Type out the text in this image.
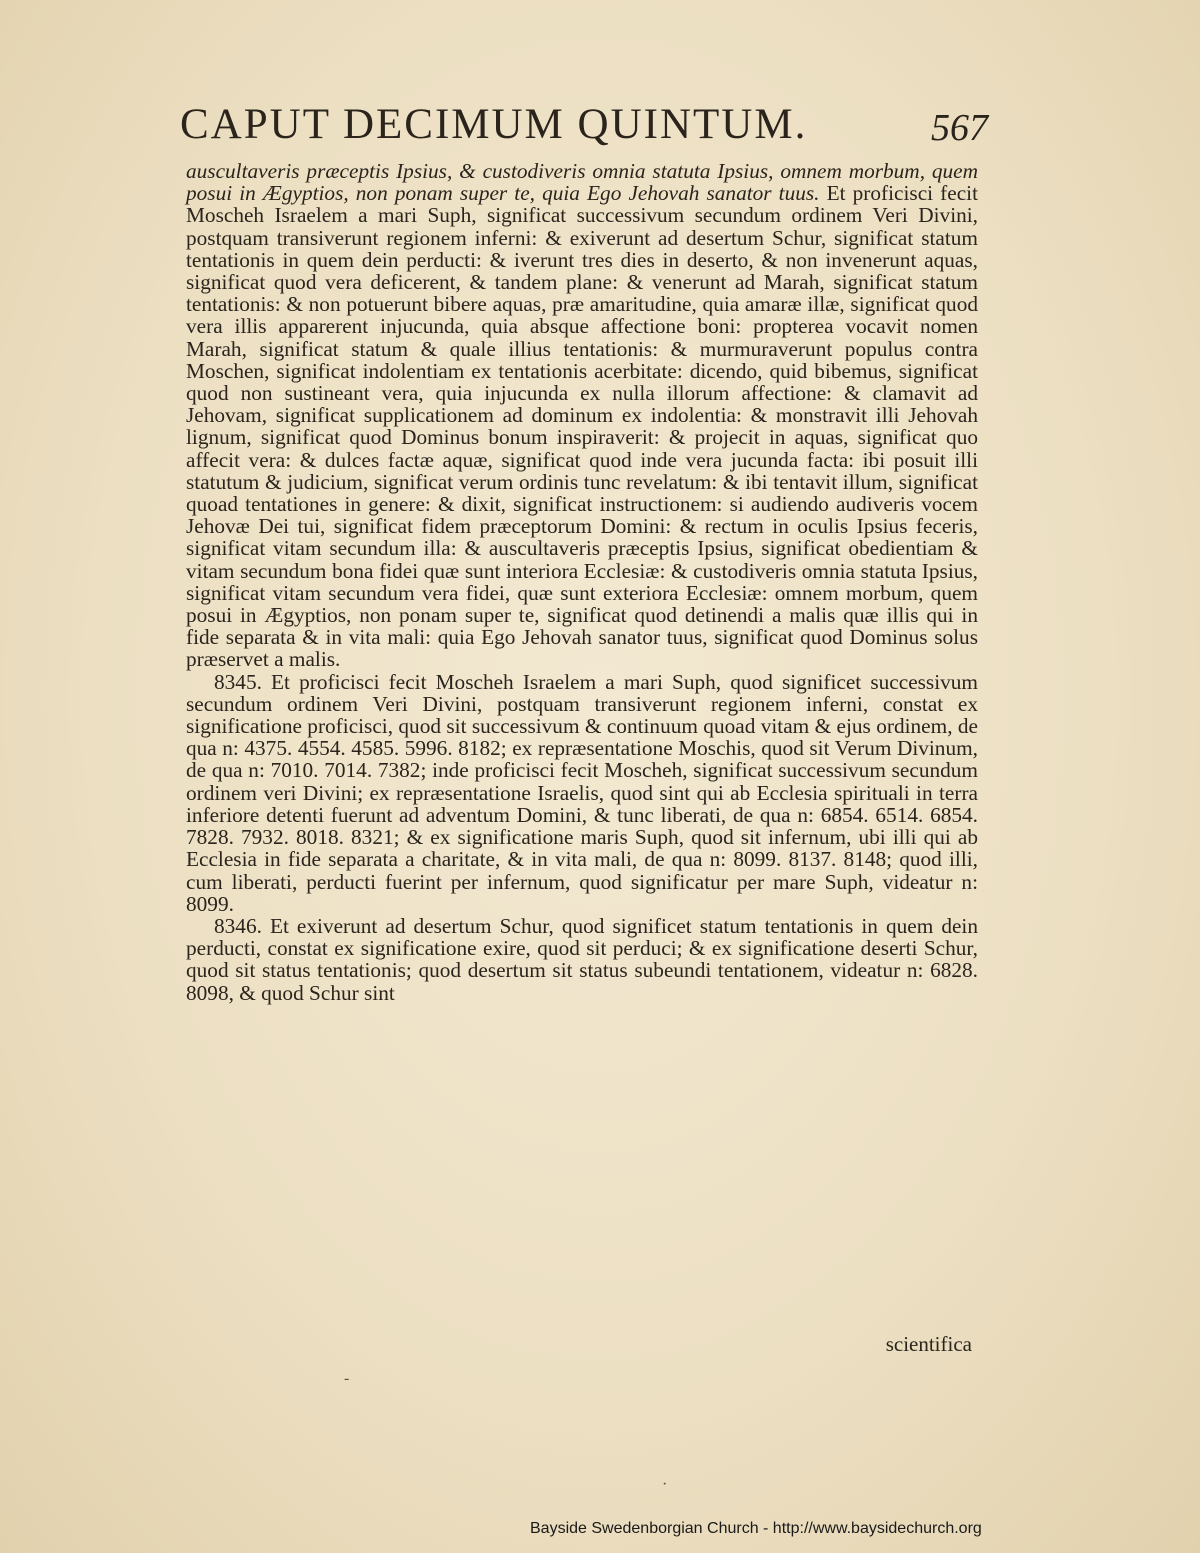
CAPUT DECIMUM QUINTUM.	567

auscultaveris præceptis Ipsius, & custodiveris omnia statuta Ipsius, omnem morbum, quem posui in Ægyptios, non ponam super te, quia Ego Jehovah sanator tuus. Et proficisci fecit Moscheh Israelem a mari Suph, significat successivum secundum ordinem Veri Divini, postquam transiverunt regionem inferni: & exiverunt ad desertum Schur, significat statum tentationis in quem dein perducti: & iverunt tres dies in deserto, & non invenerunt aquas, significat quod vera deficerent, & tandem plane: & venerunt ad Marah, significat statum tentationis: & non potuerunt bibere aquas, præ amaritudine, quia amaræ illæ, significat quod vera illis apparerent injucunda, quia absque affectione boni: propterea vocavit nomen Marah, significat statum & quale illius tentationis: & murmuraverunt populus contra Moschen, significat indolentiam ex tentationis acerbitate: dicendo, quid bibemus, significat quod non sustineant vera, quia injucunda ex nulla illorum affectione: & clamavit ad Jehovam, significat supplicationem ad dominum ex indolentia: & monstravit illi Jehovah lignum, significat quod Dominus bonum inspiraverit: & projecit in aquas, significat quo affecit vera: & dulces factæ aquæ, significat quod inde vera jucunda facta: ibi posuit illi statutum & judicium, significat verum ordinis tunc revelatum: & ibi tentavit illum, significat quoad tentationes in genere: & dixit, significat instructionem: si audiendo audiveris vocem Jehovæ Dei tui, significat fidem præceptorum Domini: & rectum in oculis Ipsius feceris, significat vitam secundum illa: & auscultaveris præceptis Ipsius, significat obedientiam & vitam secundum bona fidei quæ sunt interiora Ecclesiæ: & custodiveris omnia statuta Ipsius, significat vitam secundum vera fidei, quæ sunt exteriora Ecclesiæ: omnem morbum, quem posui in Ægyptios, non ponam super te, significat quod detinendi a malis quæ illis qui in fide separata & in vita mali: quia Ego Jehovah sanator tuus, significat quod Dominus solus præservet a malis.

8345. Et proficisci fecit Moscheh Israelem a mari Suph, quod significet successivum secundum ordinem Veri Divini, postquam transiverunt regionem inferni, constat ex significatione proficisci, quod sit successivum & continuum quoad vitam & ejus ordinem, de qua n: 4375. 4554. 4585. 5996. 8182; ex repræsentatione Moschis, quod sit Verum Divinum, de qua n: 7010. 7014. 7382; inde proficisci fecit Moscheh, significat successivum secundum ordinem veri Divini; ex repræsentatione Israelis, quod sint qui ab Ecclesia spirituali in terra inferiore detenti fuerunt ad adventum Domini, & tunc liberati, de qua n: 6854. 6514. 6854. 7828. 7932. 8018. 8321; & ex significatione maris Suph, quod sit infernum, ubi illi qui ab Ecclesia in fide separata a charitate, & in vita mali, de qua n: 8099. 8137. 8148; quod illi, cum liberati, perducti fuerint per infernum, quod significatur per mare Suph, videatur n: 8099.

8346. Et exiverunt ad desertum Schur, quod significet statum tentationis in quem dein perducti, constat ex significatione exire, quod sit perduci; & ex significatione deserti Schur, quod sit status tentationis; quod desertum sit status subeundi tentationem, videatur n: 6828. 8098, & quod Schur sint

scientifica
-
·
Bayside Swedenborgian Church - http://www.baysidechurch.org
